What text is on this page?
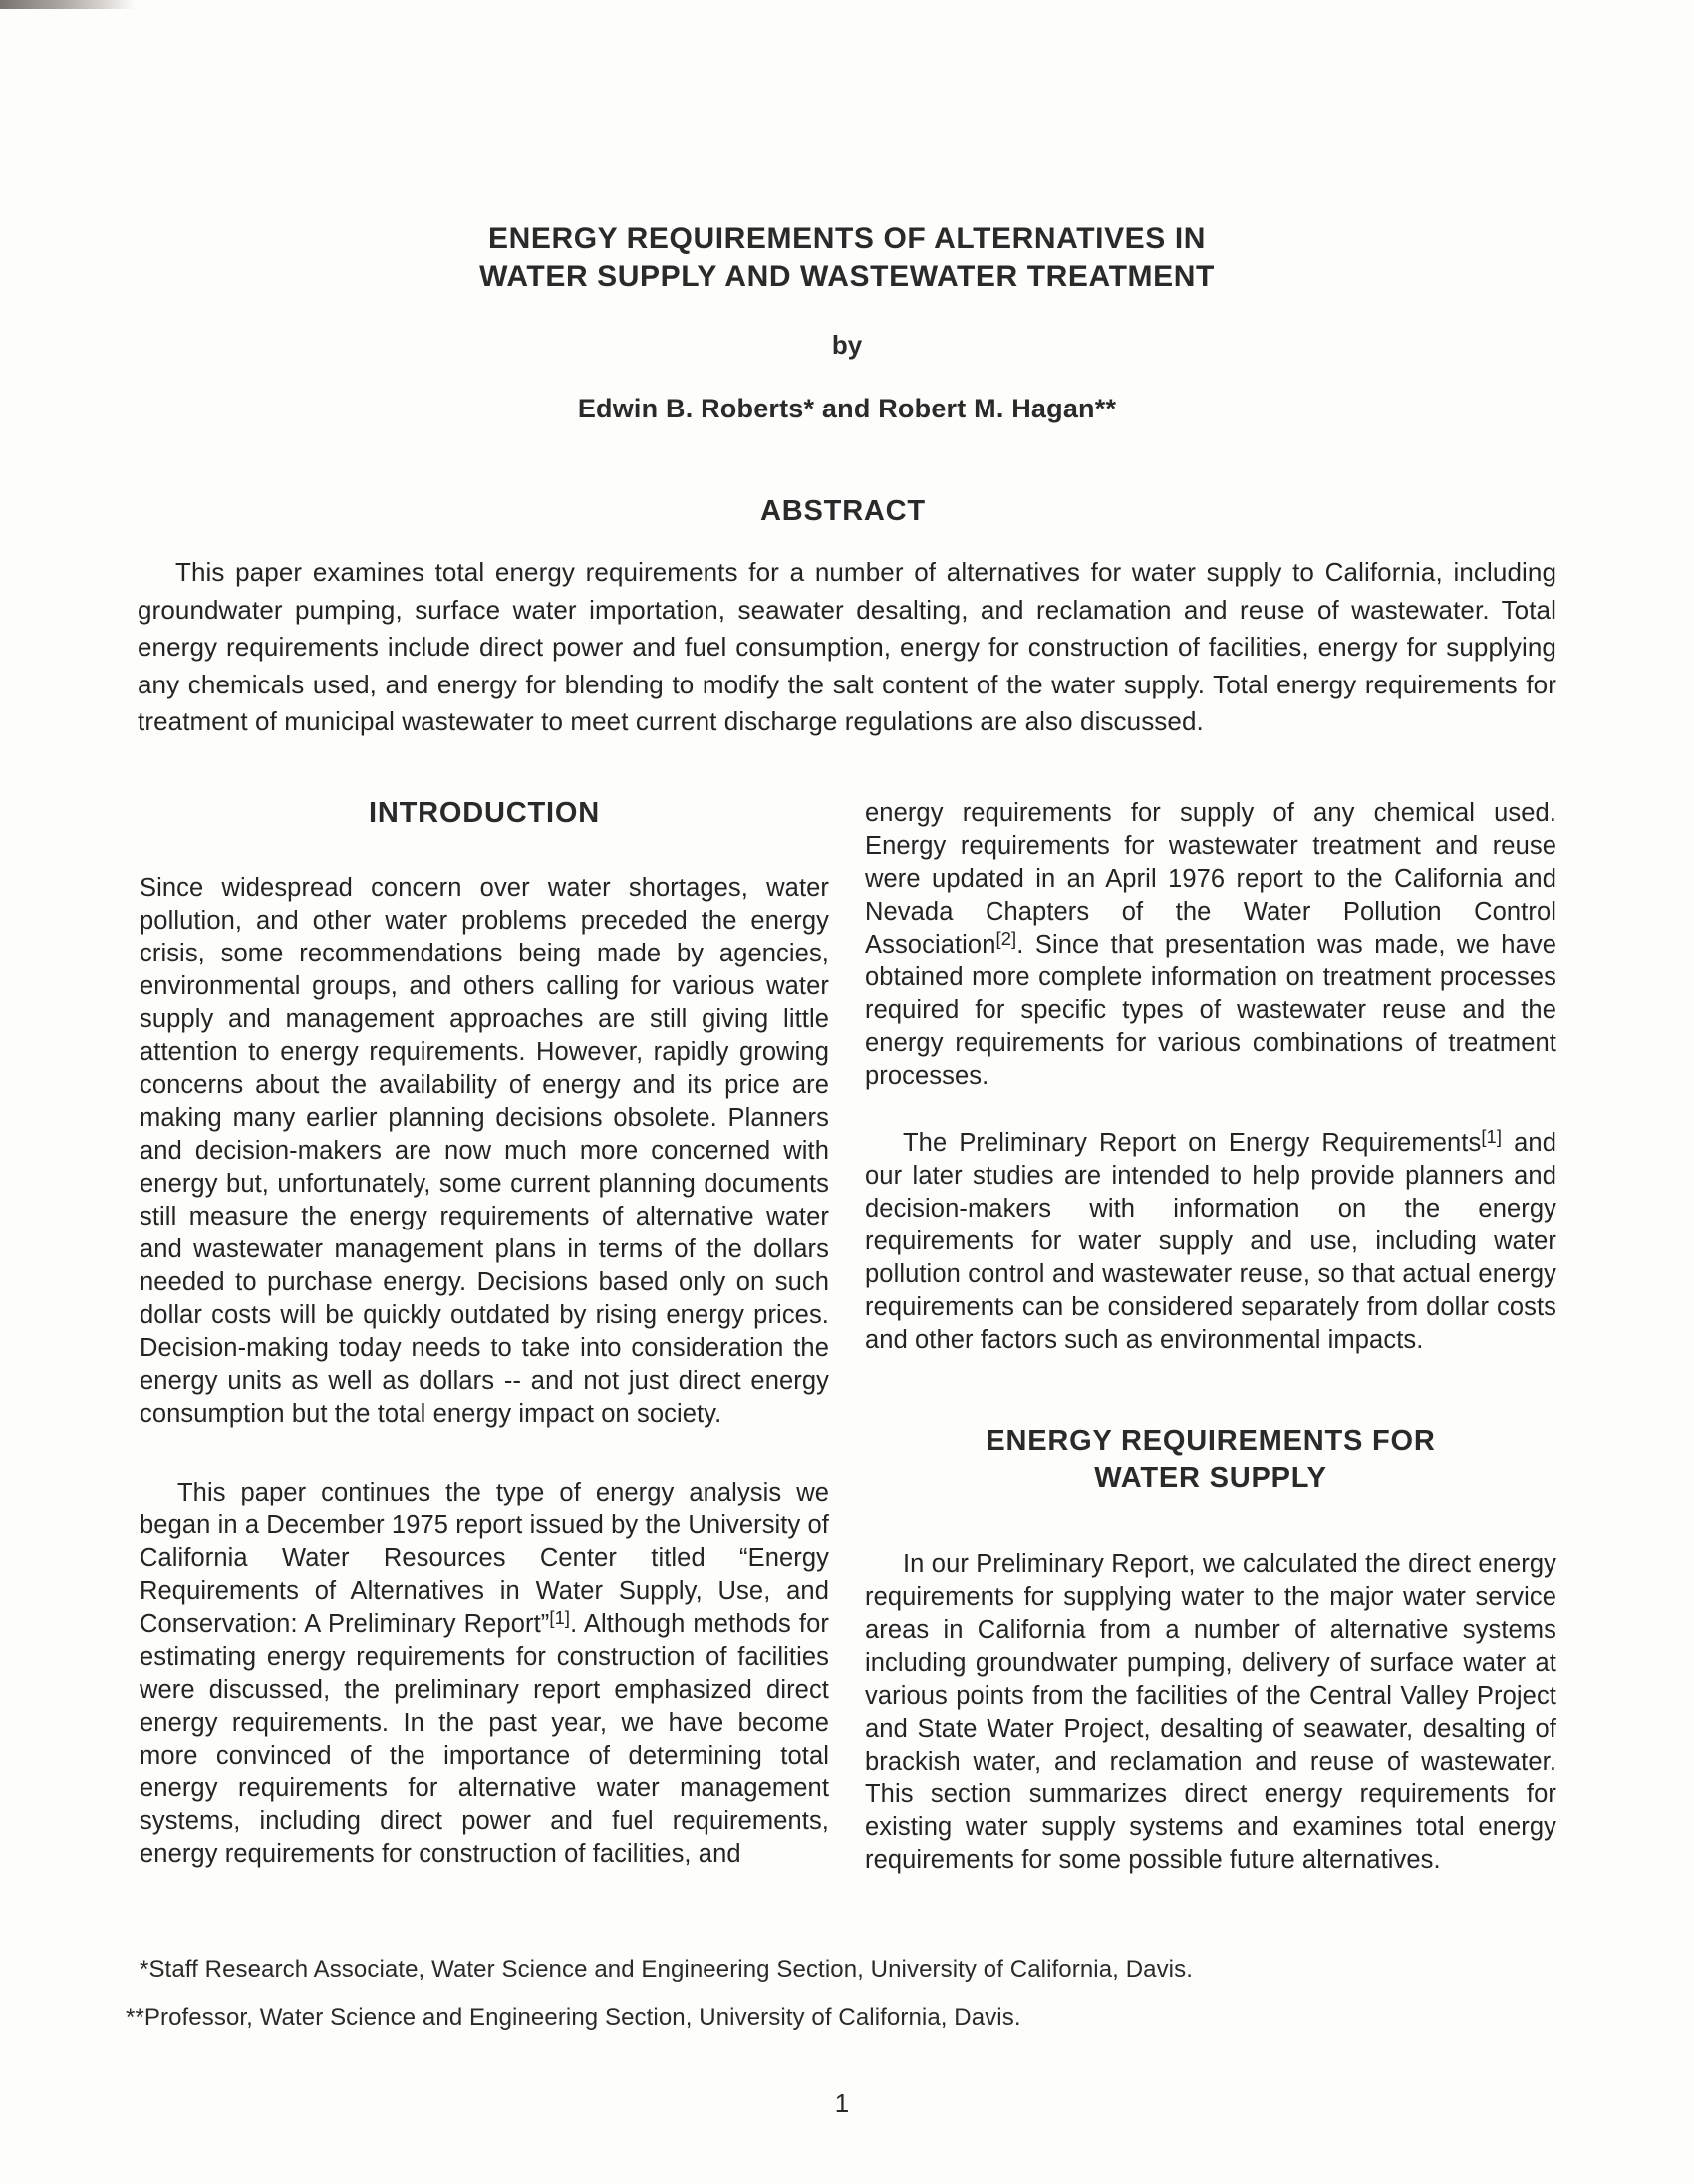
ENERGY REQUIREMENTS OF ALTERNATIVES IN
WATER SUPPLY AND WASTEWATER TREATMENT
by
Edwin B. Roberts* and Robert M. Hagan**
ABSTRACT

This paper examines total energy requirements for a number of alternatives for water supply to California, including groundwater pumping, surface water importation, seawater desalting, and reclamation and reuse of wastewater. Total energy requirements include direct power and fuel consumption, energy for construction of facilities, energy for supplying any chemicals used, and energy for blending to modify the salt content of the water supply. Total energy requirements for treatment of municipal wastewater to meet current discharge regulations are also discussed.

INTRODUCTION

Since widespread concern over water shortages, water pollution, and other water problems preceded the energy crisis, some recommendations being made by agencies, environmental groups, and others calling for various water supply and management approaches are still giving little attention to energy requirements. However, rapidly growing concerns about the availability of energy and its price are making many earlier planning decisions obsolete. Planners and decision-makers are now much more concerned with energy but, unfortunately, some current planning documents still measure the energy requirements of alternative water and wastewater management plans in terms of the dollars needed to purchase energy. Decisions based only on such dollar costs will be quickly outdated by rising energy prices. Decision-making today needs to take into consideration the energy units as well as dollars -- and not just direct energy consumption but the total energy impact on society.

This paper continues the type of energy analysis we began in a December 1975 report issued by the University of California Water Resources Center titled “Energy Requirements of Alternatives in Water Supply, Use, and Conservation: A Preliminary Report”[1]. Although methods for estimating energy requirements for construction of facilities were discussed, the preliminary report emphasized direct energy requirements. In the past year, we have become more convinced of the importance of determining total energy requirements for alternative water management systems, including direct power and fuel requirements, energy requirements for construction of facilities, and

energy requirements for supply of any chemical used. Energy requirements for wastewater treatment and reuse were updated in an April 1976 report to the California and Nevada Chapters of the Water Pollution Control Association[2]. Since that presentation was made, we have obtained more complete information on treatment processes required for specific types of wastewater reuse and the energy requirements for various combinations of treatment processes.

The Preliminary Report on Energy Requirements[1] and our later studies are intended to help provide planners and decision-makers with information on the energy requirements for water supply and use, including water pollution control and wastewater reuse, so that actual energy requirements can be considered separately from dollar costs and other factors such as environmental impacts.

ENERGY REQUIREMENTS FOR
WATER SUPPLY

In our Preliminary Report, we calculated the direct energy requirements for supplying water to the major water service areas in California from a number of alternative systems including groundwater pumping, delivery of surface water at various points from the facilities of the Central Valley Project and State Water Project, desalting of seawater, desalting of brackish water, and reclamation and reuse of wastewater. This section summarizes direct energy requirements for existing water supply systems and examines total energy requirements for some possible future alternatives.

*Staff Research Associate, Water Science and Engineering Section, University of California, Davis.
**Professor, Water Science and Engineering Section, University of California, Davis.
1
